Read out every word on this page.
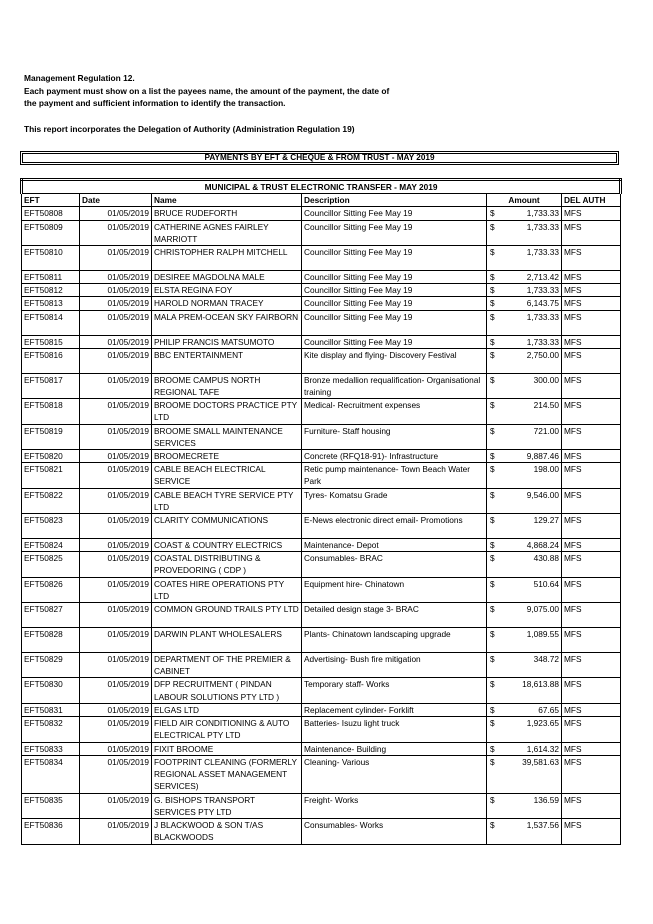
Management Regulation 12.

Each payment must show on a list the payees name, the amount of the payment, the date of

the payment and sufficient information to identify the transaction.

This report incorporates the Delegation of Authority (Administration Regulation 19)

PAYMENTS BY EFT & CHEQUE & FROM TRUST - MAY 2019
MUNICIPAL & TRUST ELECTRONIC TRANSFER - MAY 2019					
EFT	Date	Name	Description	Amount	DEL AUTH
EFT50808	01/05/2019	BRUCE RUDEFORTH	Councillor Sitting Fee May 19	$ 1,733.33	MFS
EFT50809	01/05/2019	CATHERINE AGNES FAIRLEY MARRIOTT	Councillor Sitting Fee May 19	$ 1,733.33	MFS
EFT50810	01/05/2019	CHRISTOPHER RALPH MITCHELL	Councillor Sitting Fee May 19	$ 1,733.33	MFS
EFT50811	01/05/2019	DESIREE MAGDOLNA MALE	Councillor Sitting Fee May 19	$ 2,713.42	MFS
EFT50812	01/05/2019	ELSTA REGINA FOY	Councillor Sitting Fee May 19	$ 1,733.33	MFS
EFT50813	01/05/2019	HAROLD NORMAN TRACEY	Councillor Sitting Fee May 19	$ 6,143.75	MFS
EFT50814	01/05/2019	MALA PREM-OCEAN SKY FAIRBORN	Councillor Sitting Fee May 19	$ 1,733.33	MFS
EFT50815	01/05/2019	PHILIP FRANCIS MATSUMOTO	Councillor Sitting Fee May 19	$ 1,733.33	MFS
EFT50816	01/05/2019	BBC ENTERTAINMENT	Kite display and flying- Discovery Festival	$ 2,750.00	MFS
EFT50817	01/05/2019	BROOME CAMPUS NORTH REGIONAL TAFE	Bronze medallion requalification- Organisational training	$ 300.00	MFS
EFT50818	01/05/2019	BROOME DOCTORS PRACTICE PTY LTD	Medical- Recruitment expenses	$ 214.50	MFS
EFT50819	01/05/2019	BROOME SMALL MAINTENANCE SERVICES	Furniture- Staff housing	$ 721.00	MFS
EFT50820	01/05/2019	BROOMECRETE	Concrete (RFQ18-91)- Infrastructure	$ 9,887.46	MFS
EFT50821	01/05/2019	CABLE BEACH ELECTRICAL SERVICE	Retic pump maintenance- Town Beach Water Park	$ 198.00	MFS
EFT50822	01/05/2019	CABLE BEACH TYRE SERVICE PTY LTD	Tyres- Komatsu Grade	$ 9,546.00	MFS
EFT50823	01/05/2019	CLARITY COMMUNICATIONS	E-News electronic direct email- Promotions	$ 129.27	MFS
EFT50824	01/05/2019	COAST & COUNTRY ELECTRICS	Maintenance- Depot	$ 4,868.24	MFS
EFT50825	01/05/2019	COASTAL DISTRIBUTING & PROVEDORING ( CDP )	Consumables- BRAC	$ 430.88	MFS
EFT50826	01/05/2019	COATES HIRE OPERATIONS PTY LTD	Equipment hire- Chinatown	$ 510.64	MFS
EFT50827	01/05/2019	COMMON GROUND TRAILS PTY LTD	Detailed design stage 3- BRAC	$ 9,075.00	MFS
EFT50828	01/05/2019	DARWIN PLANT WHOLESALERS	Plants- Chinatown landscaping upgrade	$ 1,089.55	MFS
EFT50829	01/05/2019	DEPARTMENT OF THE PREMIER & CABINET	Advertising- Bush fire mitigation	$ 348.72	MFS
EFT50830	01/05/2019	DFP RECRUITMENT ( PINDAN LABOUR SOLUTIONS PTY LTD )	Temporary staff- Works	$ 18,613.88	MFS
EFT50831	01/05/2019	ELGAS LTD	Replacement cylinder- Forklift	$ 67.65	MFS
EFT50832	01/05/2019	FIELD AIR CONDITIONING & AUTO ELECTRICAL PTY LTD	Batteries- Isuzu light truck	$ 1,923.65	MFS
EFT50833	01/05/2019	FIXIT BROOME	Maintenance- Building	$ 1,614.32	MFS
EFT50834	01/05/2019	FOOTPRINT CLEANING (FORMERLY REGIONAL ASSET MANAGEMENT SERVICES)	Cleaning- Various	$ 39,581.63	MFS
EFT50835	01/05/2019	G. BISHOPS TRANSPORT SERVICES PTY LTD	Freight- Works	$ 136.59	MFS
EFT50836	01/05/2019	J BLACKWOOD & SON T/AS BLACKWOODS	Consumables- Works	$ 1,537.56	MFS
